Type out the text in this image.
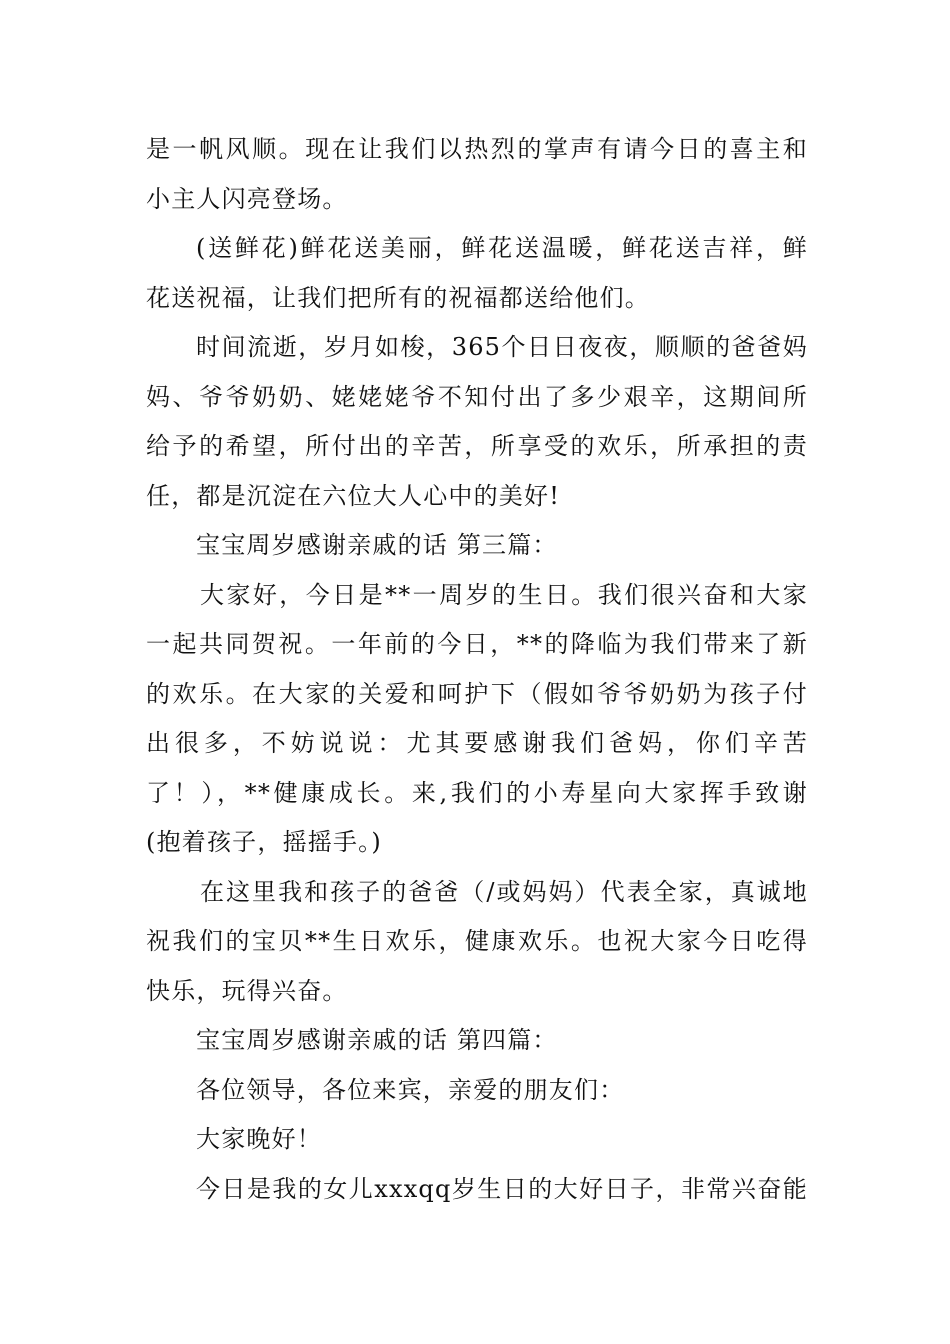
是一帆风顺。现在让我们以热烈的掌声有请今日的喜主和
小主人闪亮登场。
(送鲜花)鲜花送美丽，鲜花送温暖，鲜花送吉祥，鲜
花送祝福，让我们把所有的祝福都送给他们。
时间流逝，岁月如梭，365个日日夜夜，顺顺的爸爸妈
妈、爷爷奶奶、姥姥姥爷不知付出了多少艰辛，这期间所
给予的希望，所付出的辛苦，所享受的欢乐，所承担的责
任，都是沉淀在六位大人心中的美好!
宝宝周岁感谢亲戚的话 第三篇：
大家好，今日是**一周岁的生日。我们很兴奋和大家
一起共同贺祝。一年前的今日，**的降临为我们带来了新
的欢乐。在大家的关爱和呵护下（假如爷爷奶奶为孩子付
出很多，不妨说说：尤其要感谢我们爸妈，你们辛苦
了！），**健康成长。来,我们的小寿星向大家挥手致谢
(抱着孩子，摇摇手。)
在这里我和孩子的爸爸（/或妈妈）代表全家，真诚地
祝我们的宝贝**生日欢乐，健康欢乐。也祝大家今日吃得
快乐，玩得兴奋。
宝宝周岁感谢亲戚的话 第四篇：
各位领导，各位来宾，亲爱的朋友们：
大家晚好！
今日是我的女儿xxxqq岁生日的大好日子，非常兴奋能
